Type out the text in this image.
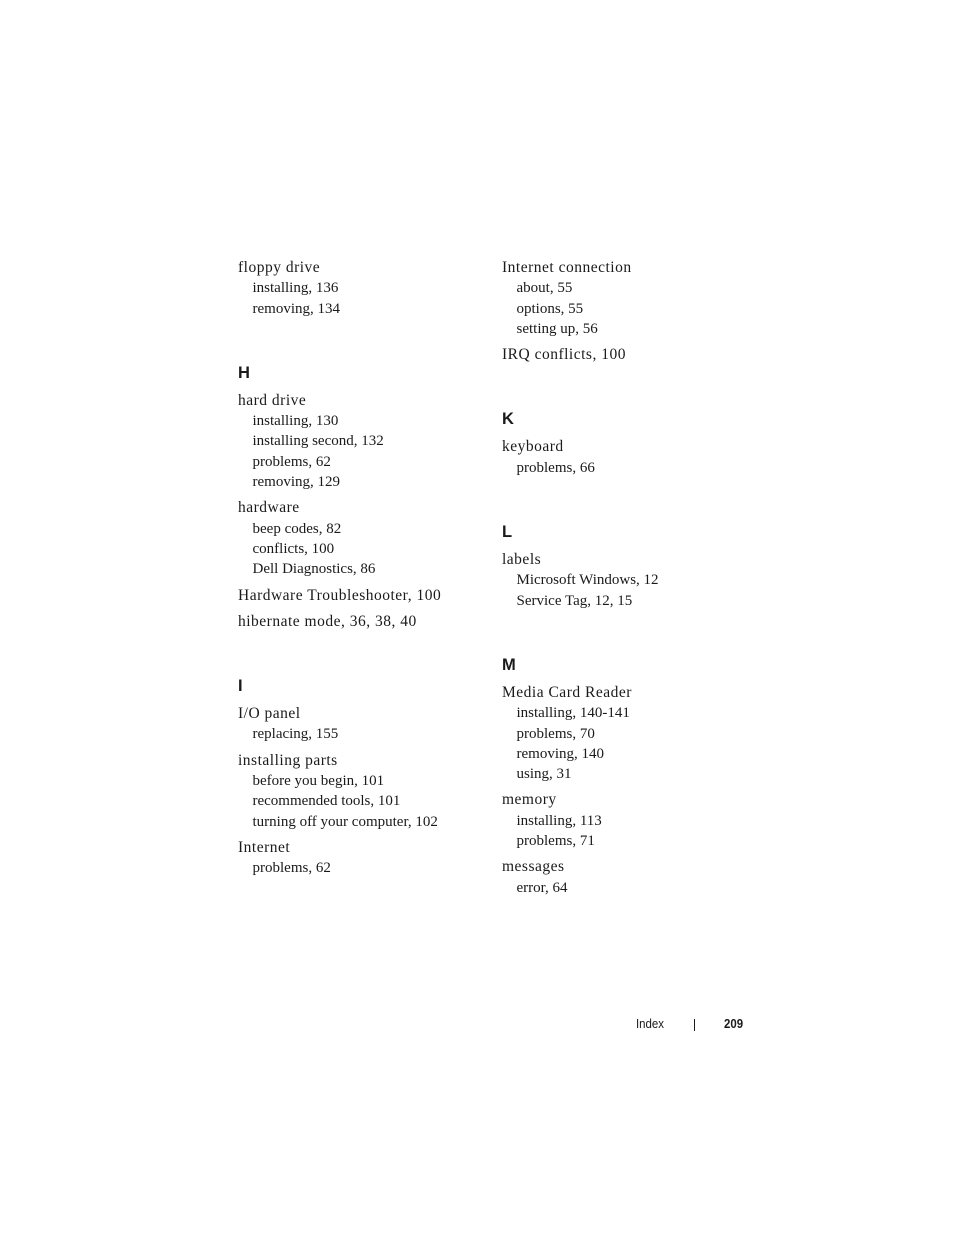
floppy drive
installing, 136
removing, 134
H
hard drive
installing, 130
installing second, 132
problems, 62
removing, 129
hardware
beep codes, 82
conflicts, 100
Dell Diagnostics, 86
Hardware Troubleshooter, 100
hibernate mode, 36, 38, 40
I
I/O panel
replacing, 155
installing parts
before you begin, 101
recommended tools, 101
turning off your computer, 102
Internet
problems, 62
Internet connection
about, 55
options, 55
setting up, 56
IRQ conflicts, 100
K
keyboard
problems, 66
L
labels
Microsoft Windows, 12
Service Tag, 12, 15
M
Media Card Reader
installing, 140-141
problems, 70
removing, 140
using, 31
memory
installing, 113
problems, 71
messages
error, 64
Index	209
